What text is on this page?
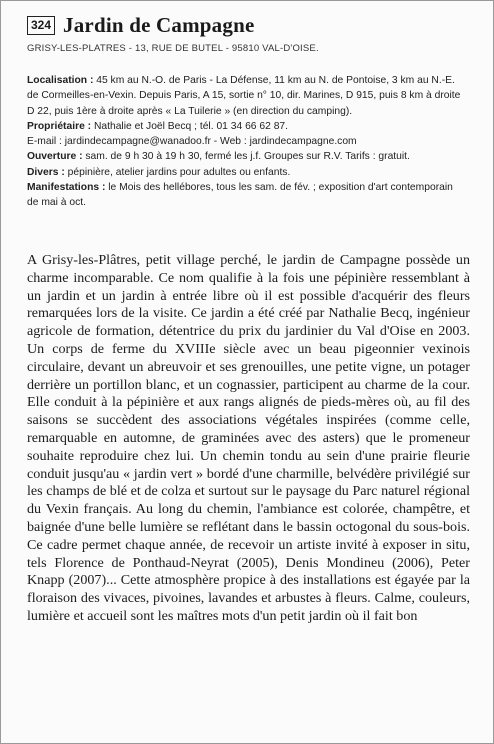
324 Jardin de Campagne
GRISY-LES-PLATRES - 13, RUE DE BUTEL - 95810 VAL-D'OISE.

Localisation : 45 km au N.-O. de Paris - La Défense, 11 km au N. de Pontoise, 3 km au N.-E. de Cormeilles-en-Vexin. Depuis Paris, A 15, sortie n° 10, dir. Marines, D 915, puis 8 km à droite D 22, puis 1ère à droite après « La Tuilerie » (en direction du camping).

Propriétaire : Nathalie et Joël Becq ; tél. 01 34 66 62 87.

E-mail : jardindecampagne@wanadoo.fr - Web : jardindecampagne.com

Ouverture : sam. de 9 h 30 à 19 h 30, fermé les j.f. Groupes sur R.V. Tarifs : gratuit.

Divers : pépinière, atelier jardins pour adultes ou enfants.

Manifestations : le Mois des hellébores, tous les sam. de fév. ; exposition d'art contemporain de mai à oct.

A Grisy-les-Plâtres, petit village perché, le jardin de Campagne possède un charme incomparable. Ce nom qualifie à la fois une pépinière ressemblant à un jardin et un jardin à entrée libre où il est possible d'acquérir des fleurs remarquées lors de la visite. Ce jardin a été créé par Nathalie Becq, ingénieur agricole de formation, détentrice du prix du jardinier du Val d'Oise en 2003. Un corps de ferme du XVIIIe siècle avec un beau pigeonnier vexinois circulaire, devant un abreuvoir et ses grenouilles, une petite vigne, un potager derrière un portillon blanc, et un cognassier, participent au charme de la cour. Elle conduit à la pépinière et aux rangs alignés de pieds-mères où, au fil des saisons se succèdent des associations végétales inspirées (comme celle, remarquable en automne, de graminées avec des asters) que le promeneur souhaite reproduire chez lui. Un chemin tondu au sein d'une prairie fleurie conduit jusqu'au « jardin vert » bordé d'une charmille, belvédère privilégié sur les champs de blé et de colza et surtout sur le paysage du Parc naturel régional du Vexin français. Au long du chemin, l'ambiance est colorée, champêtre, et baignée d'une belle lumière se reflétant dans le bassin octogonal du sous-bois. Ce cadre permet chaque année, de recevoir un artiste invité à exposer in situ, tels Florence de Ponthaud-Neyrat (2005), Denis Mondineu (2006), Peter Knapp (2007)... Cette atmosphère propice à des installations est égayée par la floraison des vivaces, pivoines, lavandes et arbustes à fleurs. Calme, couleurs, lumière et accueil sont les maîtres mots d'un petit jardin où il fait bon
